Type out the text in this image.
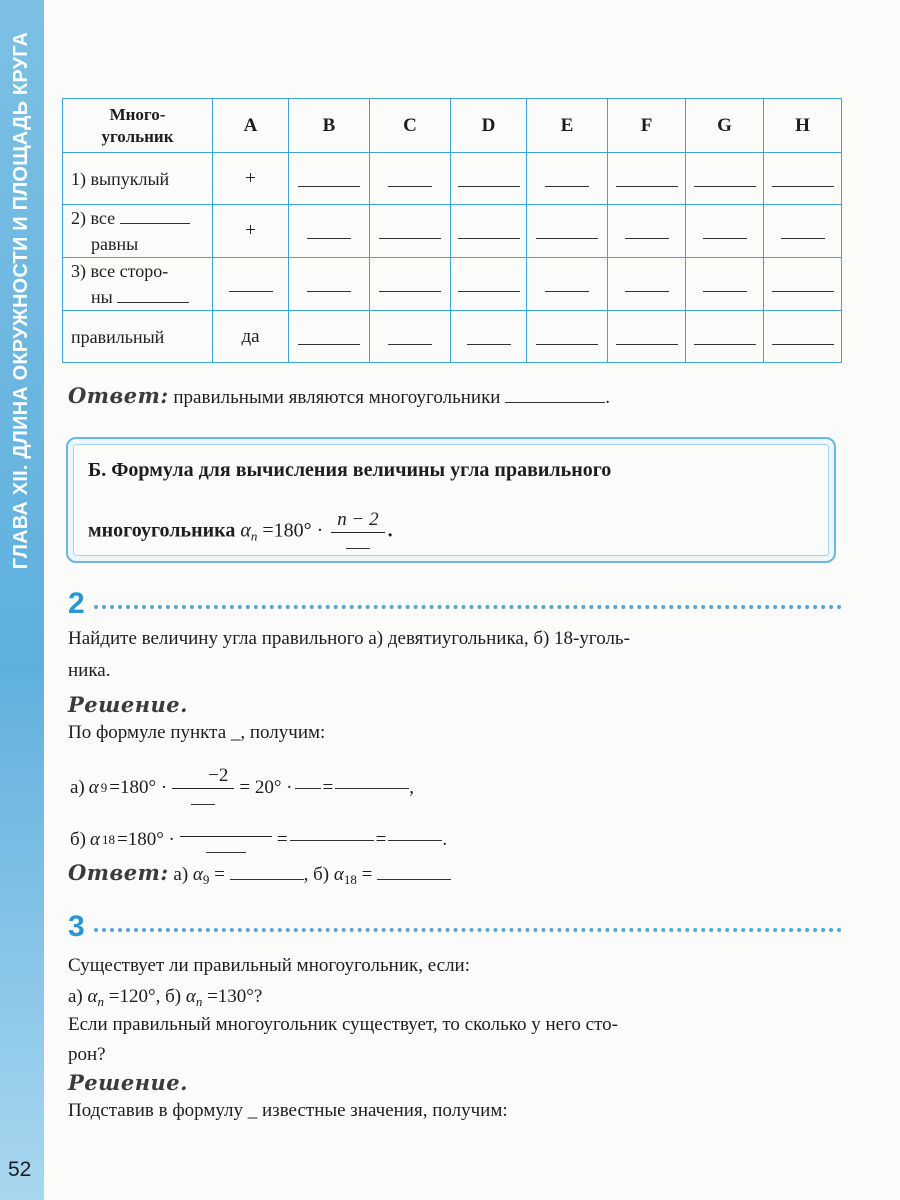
ГЛАВА XII. ДЛИНА ОКРУЖНОСТИ И ПЛОЩАДЬ КРУГА
52
Много-
угольник	A	B	C	D	E	F	G	H
1) выпуклый	+							
2) все
равны	+							
3) все сторо-
ны								
правильный	да							
Ответ: правильными являются многоугольники	.
Б. Формула для вычисления величины угла правильного
многоугольника $\alpha_n =180^\circ$ ·
n − 2
.
2
Найдите величину угла правильного а) девятиугольника, б) 18-уголь-
ника.
Решение.
По формуле пункта _, получим:
а) α 9 =180° ·
−2
= 20° · =	,
б) α 18 =180° ·	=	=	.
Ответ: а) $\alpha_9$ =	, б) $\alpha_{18}$ =
3
Существует ли правильный многоугольник, если:
а) $\alpha_n =120^\circ$, б) $\alpha_n =130^\circ$?
Если правильный многоугольник существует, то сколько у него сто-
рон?
Решение.
Подставив в формулу _ известные значения, получим:
